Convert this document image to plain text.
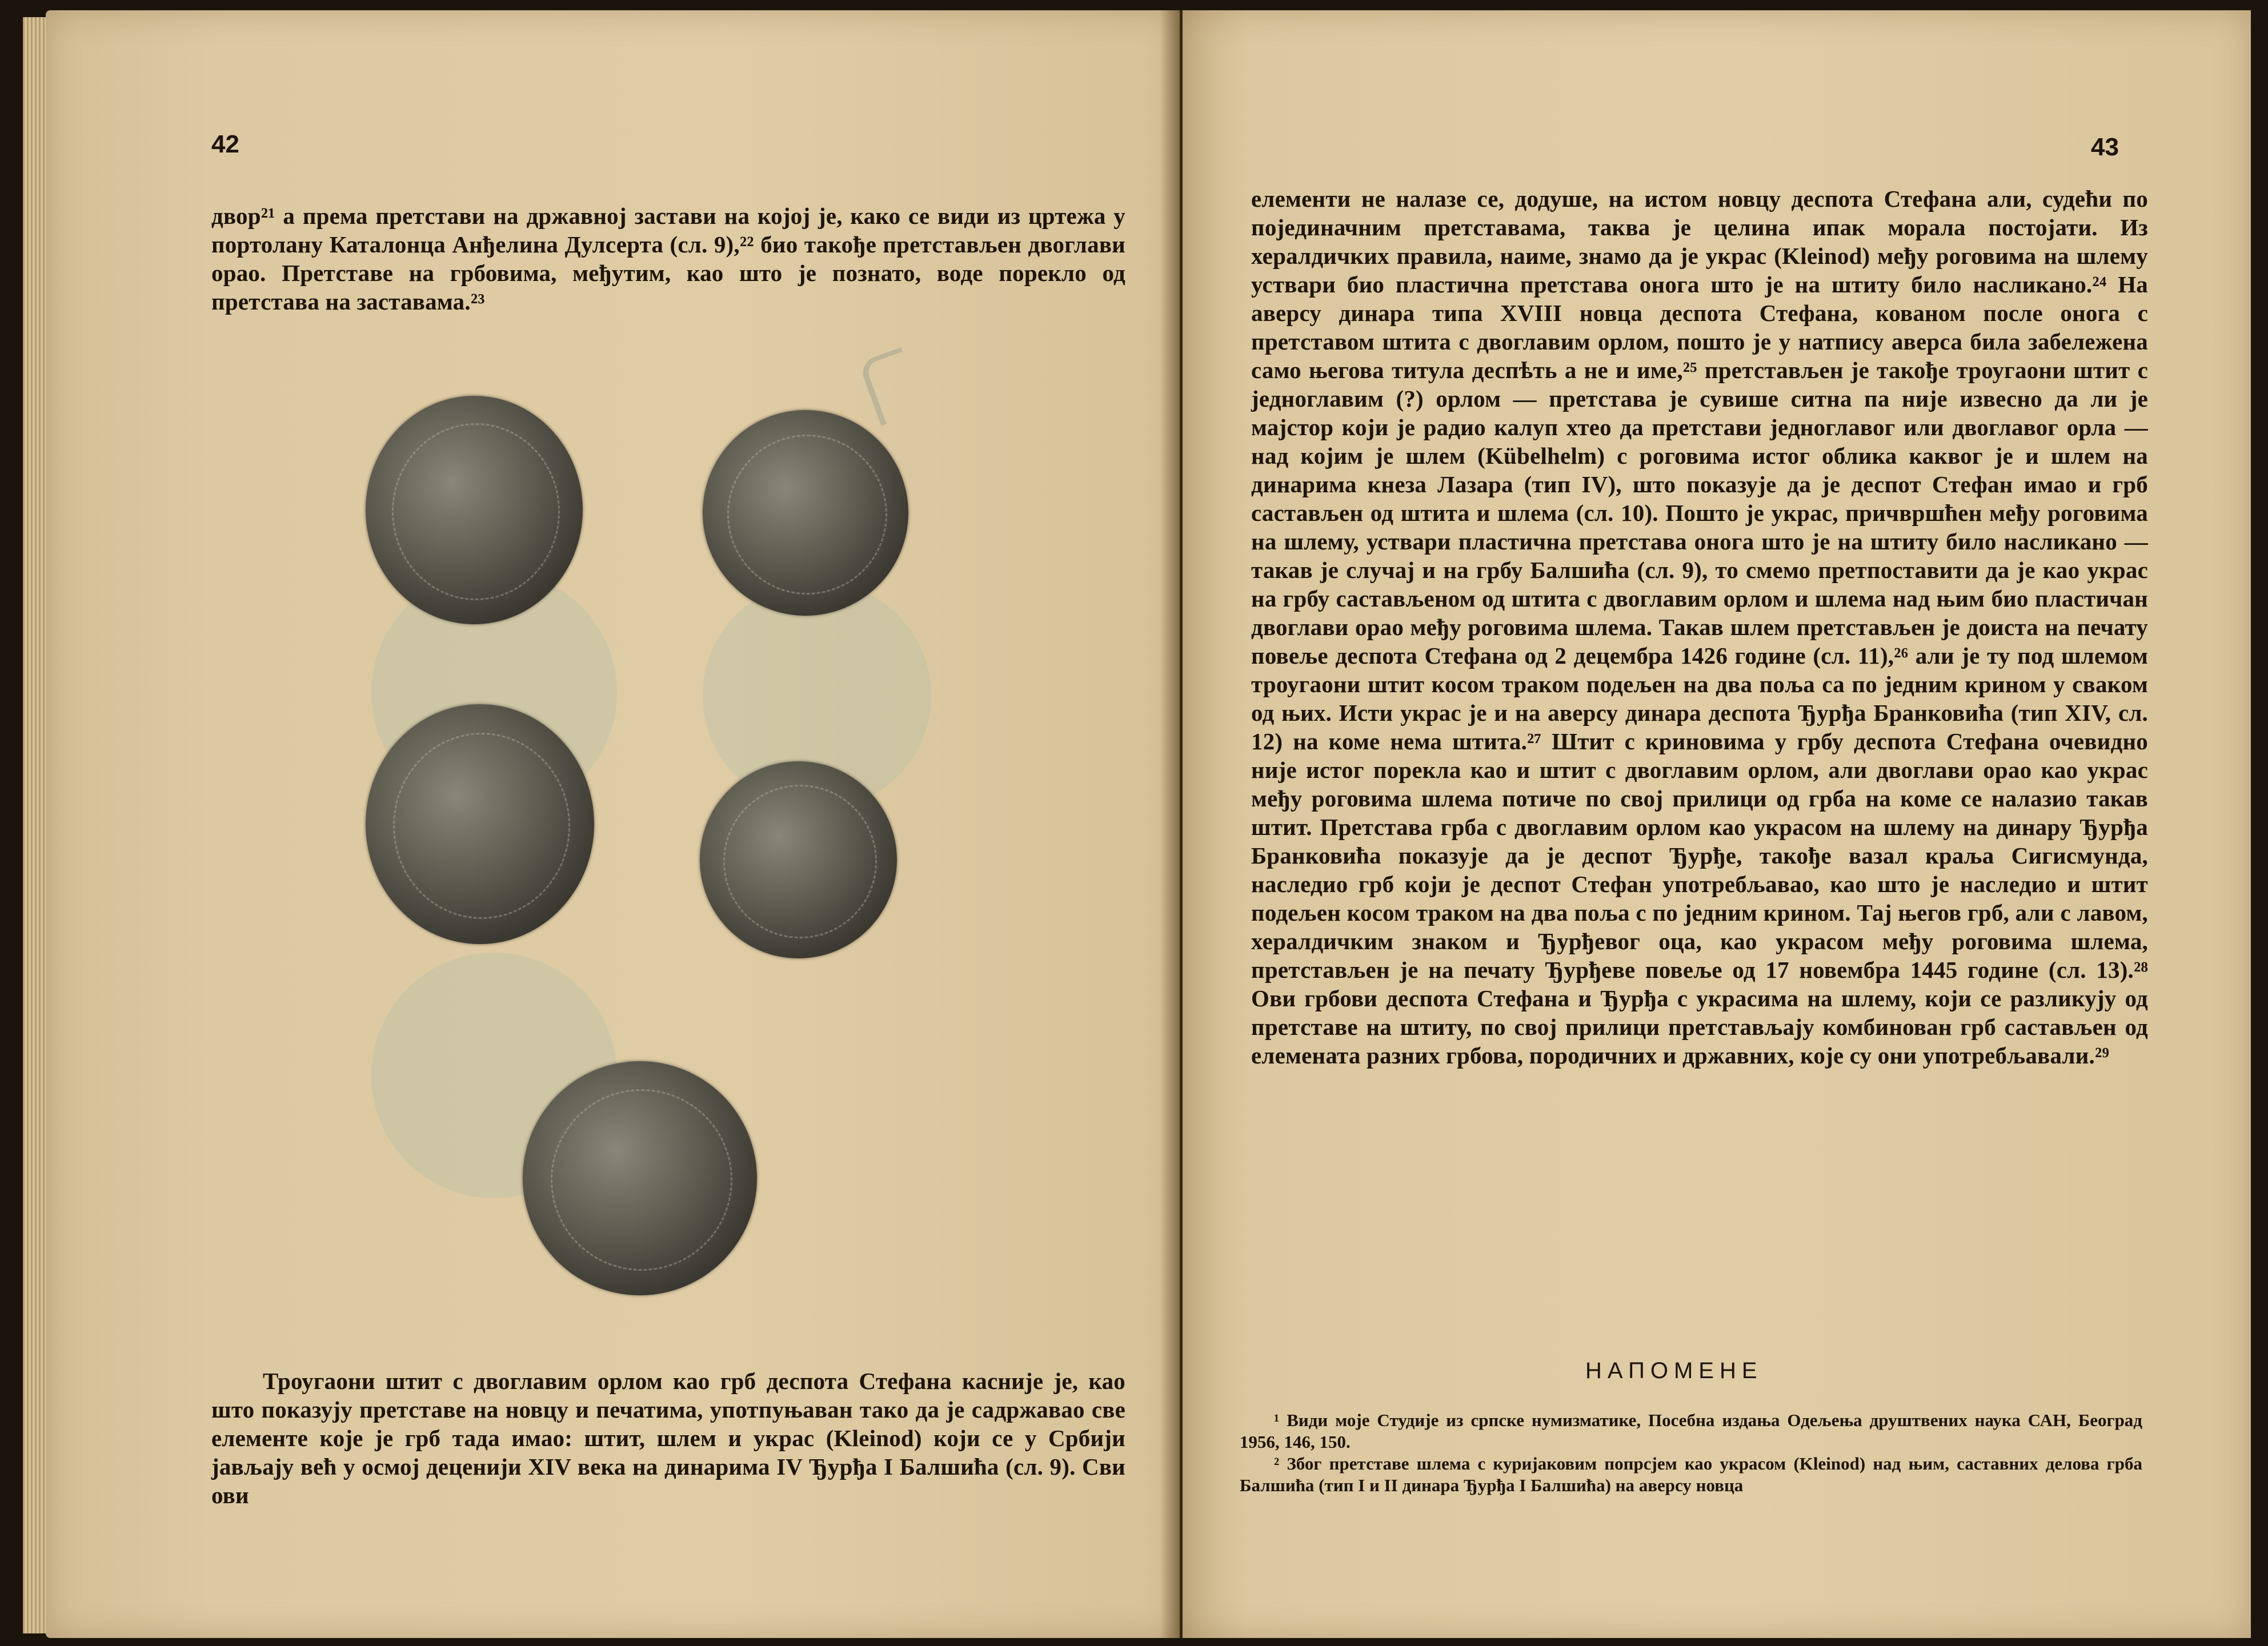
42

двор²¹ а према претстави на државној застави на којој је, како се види из цртежа у портолану Каталонца Анђелина Дулсерта (сл. 9),²² био такође претстављен двоглави орао. Претставе на грбовима, међутим, као што је познато, воде порекло од претстава на заставама.²³

Троугаони штит с двоглавим орлом као грб деспота Стефана касније је, као што показују претставе на новцу и печатима, употпуњаван тако да је садржавао све елементе које је грб тада имао: штит, шлем и украс (Kleinod) који се у Србији јављају већ у осмој деценији XIV века на динарима IV Ђурђа I Балшића (сл. 9). Сви ови

43

елементи не налазе се, додуше, на истом новцу деспота Стефана али, судећи по појединачним претставама, таква је целина ипак морала постојати. Из хералдичких правила, наиме, знамо да је украс (Kleinod) међу роговима на шлему уствари био пластична претстава онога што је на штиту било насликано.²⁴ На аверсу динара типа XVIII новца деспота Стефана, кованом после онога с претставом штита с двоглавим орлом, пошто је у натпису аверса била забележена само његова титула деспѣть а не и име,²⁵ претстављен је такође троугаони штит с једноглавим (?) орлом — претстава је сувише ситна па није извесно да ли је мајстор који је радио калуп хтео да претстави једноглавог или двоглавог орла — над којим је шлем (Kübelhelm) с роговима истог облика каквог је и шлем на динарима кнеза Лазара (тип IV), што показује да је деспот Стефан имао и грб састављен од штита и шлема (сл. 10). Пошто је украс, причвршћен међу роговима на шлему, уствари пластична претстава онога што је на штиту било насликано — такав је случај и на грбу Балшића (сл. 9), то смемо претпоставити да је као украс на грбу састављеном од штита с двоглавим орлом и шлема над њим био пластичан двоглави орао међу роговима шлема. Такав шлем претстављен је доиста на печату повеље деспота Стефана од 2 децембра 1426 године (сл. 11),²⁶ али је ту под шлемом троугаони штит косом траком подељен на два поља са по једним крином у сваком од њих. Исти украс је и на аверсу динара деспота Ђурђа Бранковића (тип XIV, сл. 12) на коме нема штита.²⁷ Штит с криновима у грбу деспота Стефана очевидно није истог порекла као и штит с двоглавим орлом, али двоглави орао као украс међу роговима шлема потиче по свој прилици од грба на коме се налазио такав штит. Претстава грба с двоглавим орлом као украсом на шлему на динару Ђурђа Бранковића показује да је деспот Ђурђе, такође вазал краља Сигисмунда, наследио грб који је деспот Стефан употребљавао, као што је наследио и штит подељен косом траком на два поља с по једним крином. Тај његов грб, али с лавом, хералдичким знаком и Ђурђевог оца, као украсом међу роговима шлема, претстављен је на печату Ђурђеве повеље од 17 новембра 1445 године (сл. 13).²⁸ Ови грбови деспота Стефана и Ђурђа с украсима на шлему, који се разликују од претставе на штиту, по свој прилици претстављају комбинован грб састављен од елемената разних грбова, породичних и државних, које су они употребљавали.²⁹

НАПОМЕНЕ

¹ Види моје Студије из српске нумизматике, Посебна издања Одељења друштвених наука САН, Београд 1956, 146, 150.

² Због претставе шлема с куријаковим попрсјем као украсом (Kleinod) над њим, саставних делова грба Балшића (тип I и II динара Ђурђа I Балшића) на аверсу новца
